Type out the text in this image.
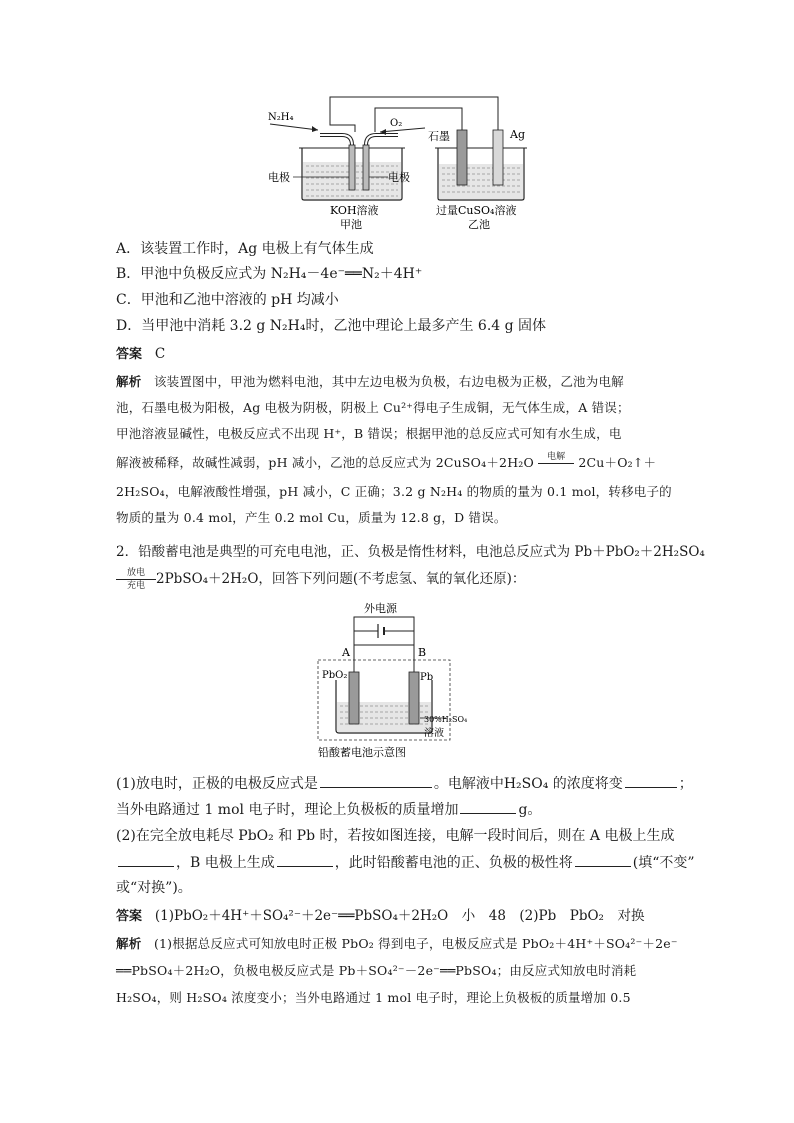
N₂H₄
O₂
电极	电极
石墨	Ag
KOH溶液
甲池
过量CuSO₄溶液
乙池
A．该装置工作时，Ag 电极上有气体生成
B．甲池中负极反应式为 N₂H₄－4e⁻══N₂＋4H⁺
C．甲池和乙池中溶液的 pH 均减小
D．当甲池中消耗 3.2 g N₂H₄时，乙池中理论上最多产生 6.4 g 固体
答案 C
解析 该装置图中，甲池为燃料电池，其中左边电极为负极，右边电极为正极，乙池为电解
池，石墨电极为阳极，Ag 电极为阴极，阴极上 Cu²⁺得电子生成铜，无气体生成，A 错误；
甲池溶液显碱性，电极反应式不出现 H⁺，B 错误；根据甲池的总反应式可知有水生成，电
解液被稀释，故碱性减弱，pH 减小，乙池的总反应式为 2CuSO₄＋2H₂O	电解
	2Cu＋O₂↑＋
2H₂SO₄，电解液酸性增强，pH 减小，C 正确；3.2 g N₂H₄ 的物质的量为 0.1 mol，转移电子的
物质的量为 0.4 mol，产生 0.2 mol Cu，质量为 12.8 g，D 错误。
2．铅酸蓄电池是典型的可充电电池，正、负极是惰性材料，电池总反应式为 Pb＋PbO₂＋2H₂SO₄
放电
充电 2PbSO₄＋2H₂O，回答下列问题(不考虑氢、氧的氧化还原)：
外电源
A	B
PbO₂	Pb
30%H₂SO₄
溶液
铅酸蓄电池示意图
(1)放电时，正极的电极反应式是	。电解液中H₂SO₄ 的浓度将变	；
当外电路通过 1 mol 电子时，理论上负极板的质量增加	g。
(2)在完全放电耗尽 PbO₂ 和 Pb 时，若按如图连接，电解一段时间后，则在 A 电极上生成
，B 电极上生成	，此时铅酸蓄电池的正、负极的极性将	(填“不变”
或“对换”)。
答案 (1)PbO₂＋4H⁺＋SO₄²⁻＋2e⁻══PbSO₄＋2H₂O　小　48　(2)Pb　PbO₂　对换
解析 (1)根据总反应式可知放电时正极 PbO₂ 得到电子，电极反应式是 PbO₂＋4H⁺＋SO₄²⁻＋2e⁻
══PbSO₄＋2H₂O，负极电极反应式是 Pb＋SO₄²⁻－2e⁻══PbSO₄；由反应式知放电时消耗
H₂SO₄，则 H₂SO₄ 浓度变小；当外电路通过 1 mol 电子时，理论上负极板的质量增加 0.5
